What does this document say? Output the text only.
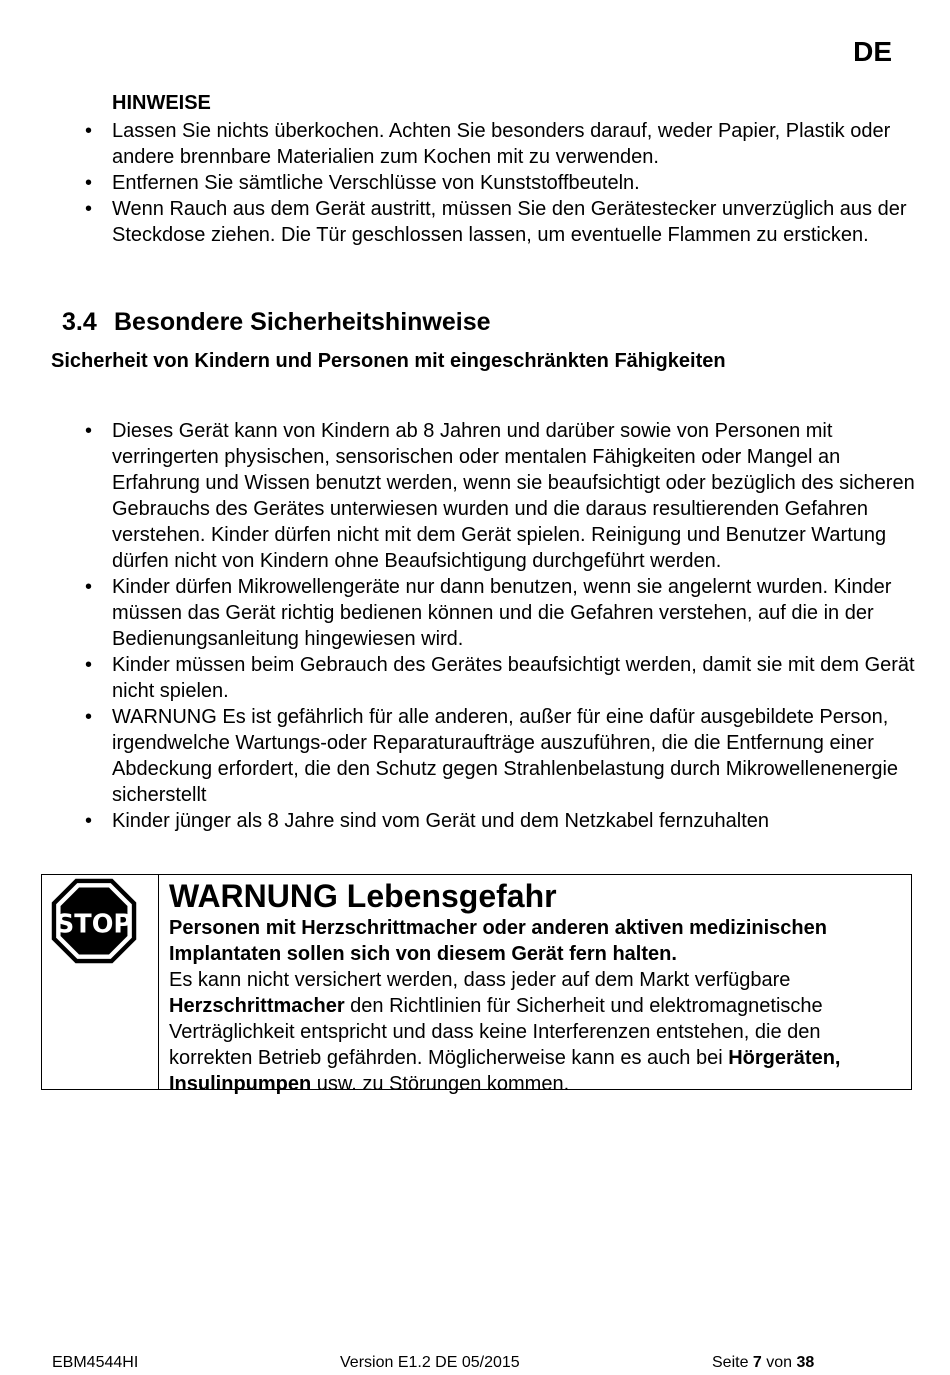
DE
HINWEISE
• Lassen Sie nichts überkochen. Achten Sie besonders darauf, weder Papier, Plastik oder andere brennbare Materialien zum Kochen mit zu verwenden.
• Entfernen Sie sämtliche Verschlüsse von Kunststoffbeuteln.
• Wenn Rauch aus dem Gerät austritt, müssen Sie den Gerätestecker unverzüglich aus der Steckdose ziehen. Die Tür geschlossen lassen, um eventuelle Flammen zu ersticken.
3.4 Besondere Sicherheitshinweise
Sicherheit von Kindern und Personen mit eingeschränkten Fähigkeiten
• Dieses Gerät kann von Kindern ab 8 Jahren und darüber sowie von Personen mit verringerten physischen, sensorischen oder mentalen Fähigkeiten oder Mangel an Erfahrung und Wissen benutzt werden, wenn sie beaufsichtigt oder bezüglich des sicheren Gebrauchs des Gerätes unterwiesen wurden und die daraus resultierenden Gefahren verstehen. Kinder dürfen nicht mit dem Gerät spielen. Reinigung und Benutzer Wartung dürfen nicht von Kindern ohne Beaufsichtigung durchgeführt werden.
• Kinder dürfen Mikrowellengeräte nur dann benutzen, wenn sie angelernt wurden. Kinder müssen das Gerät richtig bedienen können und die Gefahren verstehen, auf die in der Bedienungsanleitung hingewiesen wird.
• Kinder müssen beim Gebrauch des Gerätes beaufsichtigt werden, damit sie mit dem Gerät nicht spielen.
• WARNUNG Es ist gefährlich für alle anderen, außer für eine dafür ausgebildete Person, irgendwelche Wartungs-oder Reparaturaufträge auszuführen, die die Entfernung einer Abdeckung erfordert, die den Schutz gegen Strahlenbelastung durch Mikrowellenenergie sicherstellt
• Kinder jünger als 8 Jahre sind vom Gerät und dem Netzkabel fernzuhalten
STOP

WARNUNG Lebensgefahr

Personen mit Herzschrittmacher oder anderen aktiven medizinischen Implantaten sollen sich von diesem Gerät fern halten.

Es kann nicht versichert werden, dass jeder auf dem Markt verfügbare Herzschrittmacher den Richtlinien für Sicherheit und elektromagnetische Verträglichkeit entspricht und dass keine Interferenzen entstehen, die den korrekten Betrieb gefährden. Möglicherweise kann es auch bei Hörgeräten, Insulinpumpen usw. zu Störungen kommen.

EBM4544HI	Version E1.2 DE 05/2015	Seite 7 von 38
